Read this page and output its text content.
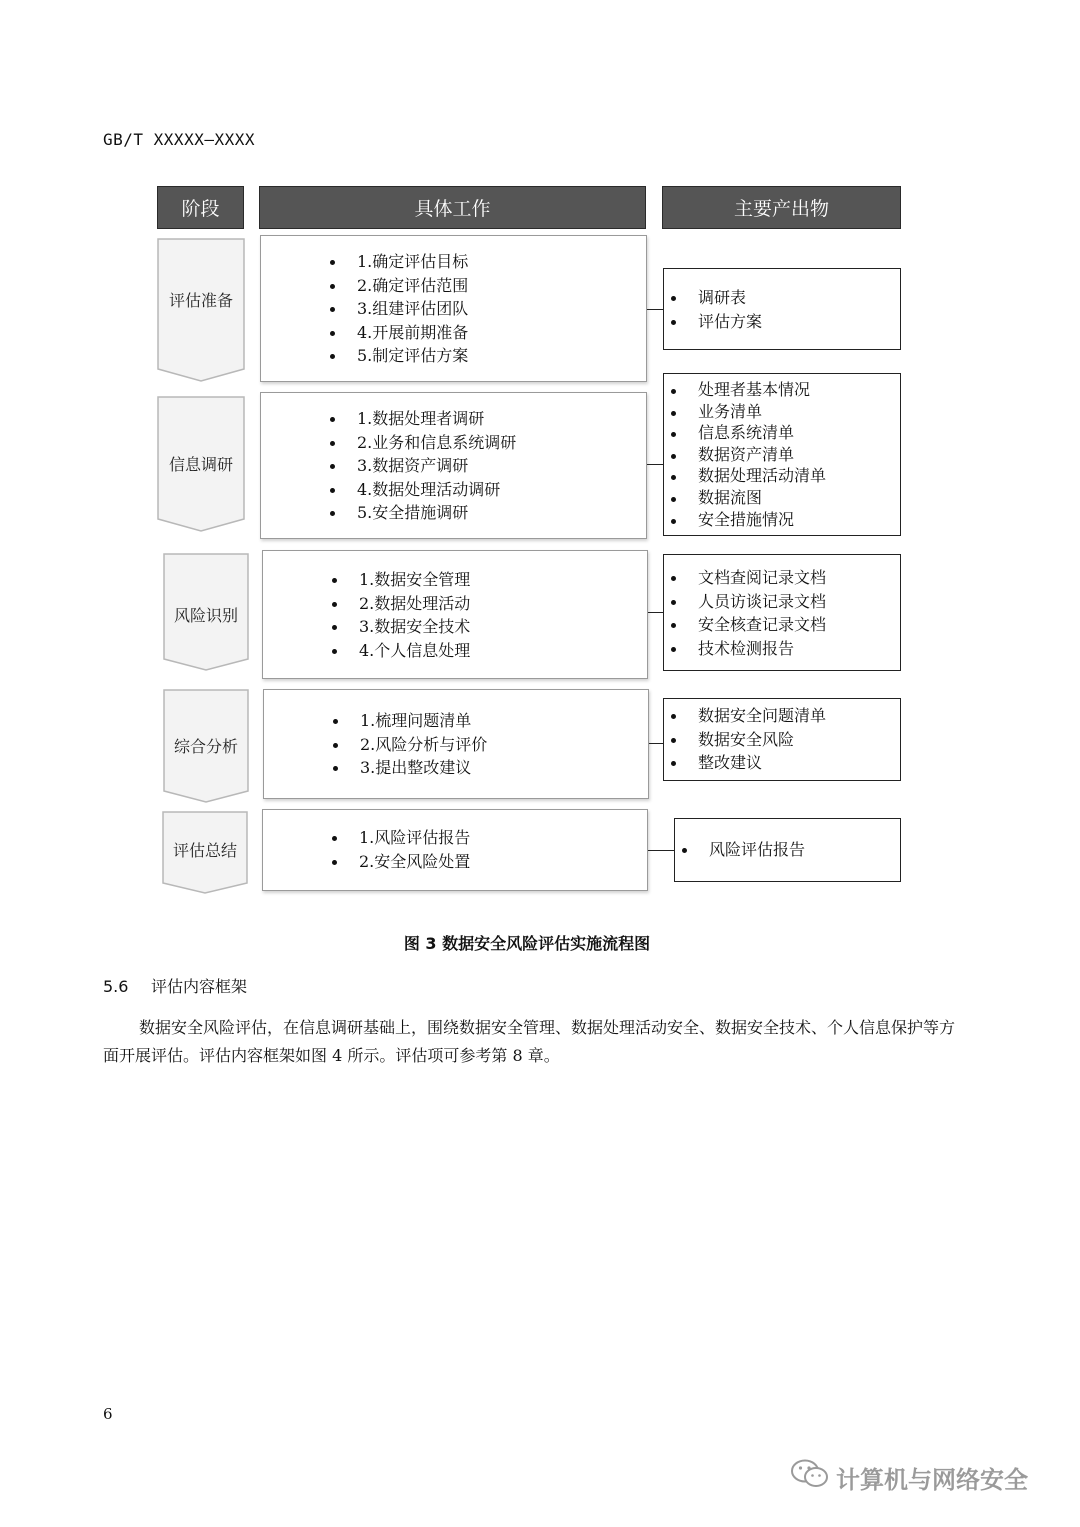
GB/T XXXXX—XXXX
阶段	具体工作	主要产出物
评估准备
1.确定评估目标
2.确定评估范围
3.组建评估团队
4.开展前期准备
5.制定评估方案
调研表
评估方案
信息调研
1.数据处理者调研
2.业务和信息系统调研
3.数据资产调研
4.数据处理活动调研
5.安全措施调研
处理者基本情况
业务清单
信息系统清单
数据资产清单
数据处理活动清单
数据流图
安全措施情况
风险识别
1.数据安全管理
2.数据处理活动
3.数据安全技术
4.个人信息处理
文档查阅记录文档
人员访谈记录文档
安全核查记录文档
技术检测报告
综合分析
1.梳理问题清单
2.风险分析与评价
3.提出整改建议
数据安全问题清单
数据安全风险
整改建议
评估总结
1.风险评估报告
2.安全风险处置
风险评估报告
图 3 数据安全风险评估实施流程图
5.6 评估内容框架
数据安全风险评估，在信息调研基础上，围绕数据安全管理、数据处理活动安全、数据安全技术、个人信息保护等方面开展评估。评估内容框架如图 4 所示。评估项可参考第 8 章。
6
计算机与网络安全
